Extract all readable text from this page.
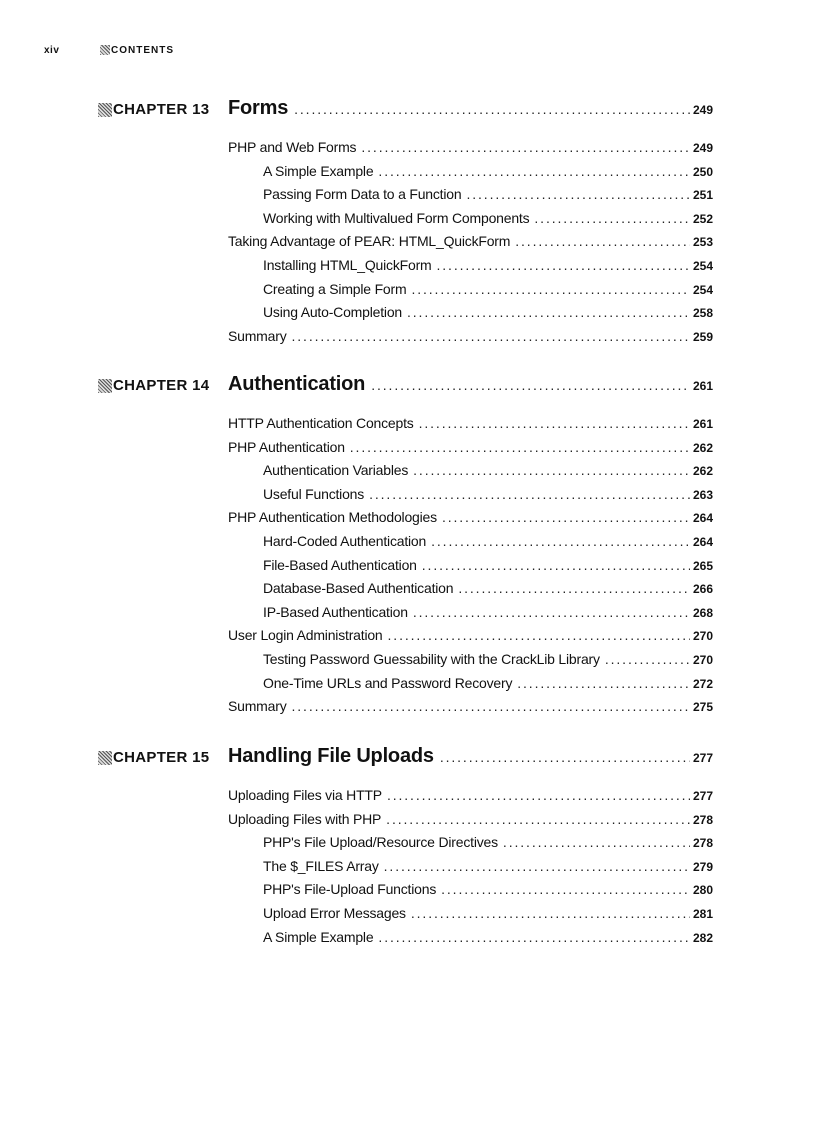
xiv	CONTENTS
CHAPTER 13 Forms . . .	249
PHP and Web Forms . . .	249
A Simple Example . . .	250
Passing Form Data to a Function . . .	251
Working with Multivalued Form Components . . .	252
Taking Advantage of PEAR: HTML_QuickForm . . .	253
Installing HTML_QuickForm . . .	254
Creating a Simple Form . . .	254
Using Auto-Completion . . .	258
Summary . . .	259
CHAPTER 14 Authentication . . .	261
HTTP Authentication Concepts . . .	261
PHP Authentication . . .	262
Authentication Variables . . .	262
Useful Functions . . .	263
PHP Authentication Methodologies . . .	264
Hard-Coded Authentication . . .	264
File-Based Authentication . . .	265
Database-Based Authentication . . .	266
IP-Based Authentication . . .	268
User Login Administration . . .	270
Testing Password Guessability with the CrackLib Library . . .	270
One-Time URLs and Password Recovery . . .	272
Summary . . .	275
CHAPTER 15 Handling File Uploads . . .	277
Uploading Files via HTTP . . .	277
Uploading Files with PHP . . .	278
PHP's File Upload/Resource Directives . . .	278
The $_FILES Array . . .	279
PHP's File-Upload Functions . . .	280
Upload Error Messages . . .	281
A Simple Example . . .	282
